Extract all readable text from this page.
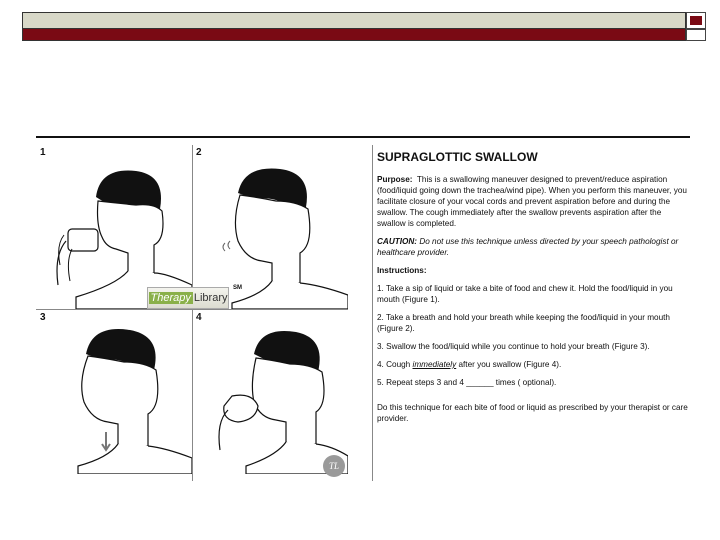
1
Therapy Library
SM
2
3	4
TL
SUPRAGLOTTIC SWALLOW

Purpose: This is a swallowing maneuver designed to prevent/reduce aspiration (food/liquid going down the trachea/wind pipe). When you perform this maneuver, you facilitate closure of your vocal cords and prevent aspiration before and during the swallow. The cough immediately after the swallow prevents aspiration after the swallow is completed.

CAUTION: Do not use this technique unless directed by your speech pathologist or healthcare provider.

Instructions:

1. Take a sip of liquid or take a bite of food and chew it. Hold the food/liquid in you mouth (Figure 1).

2. Take a breath and hold your breath while keeping the food/liquid in your mouth (Figure 2).

3. Swallow the food/liquid while you continue to hold your breath (Figure 3).

4. Cough immediately after you swallow (Figure 4).

5. Repeat steps 3 and 4 ______ times ( optional).

Do this technique for each bite of food or liquid as prescribed by your therapist or care provider.
